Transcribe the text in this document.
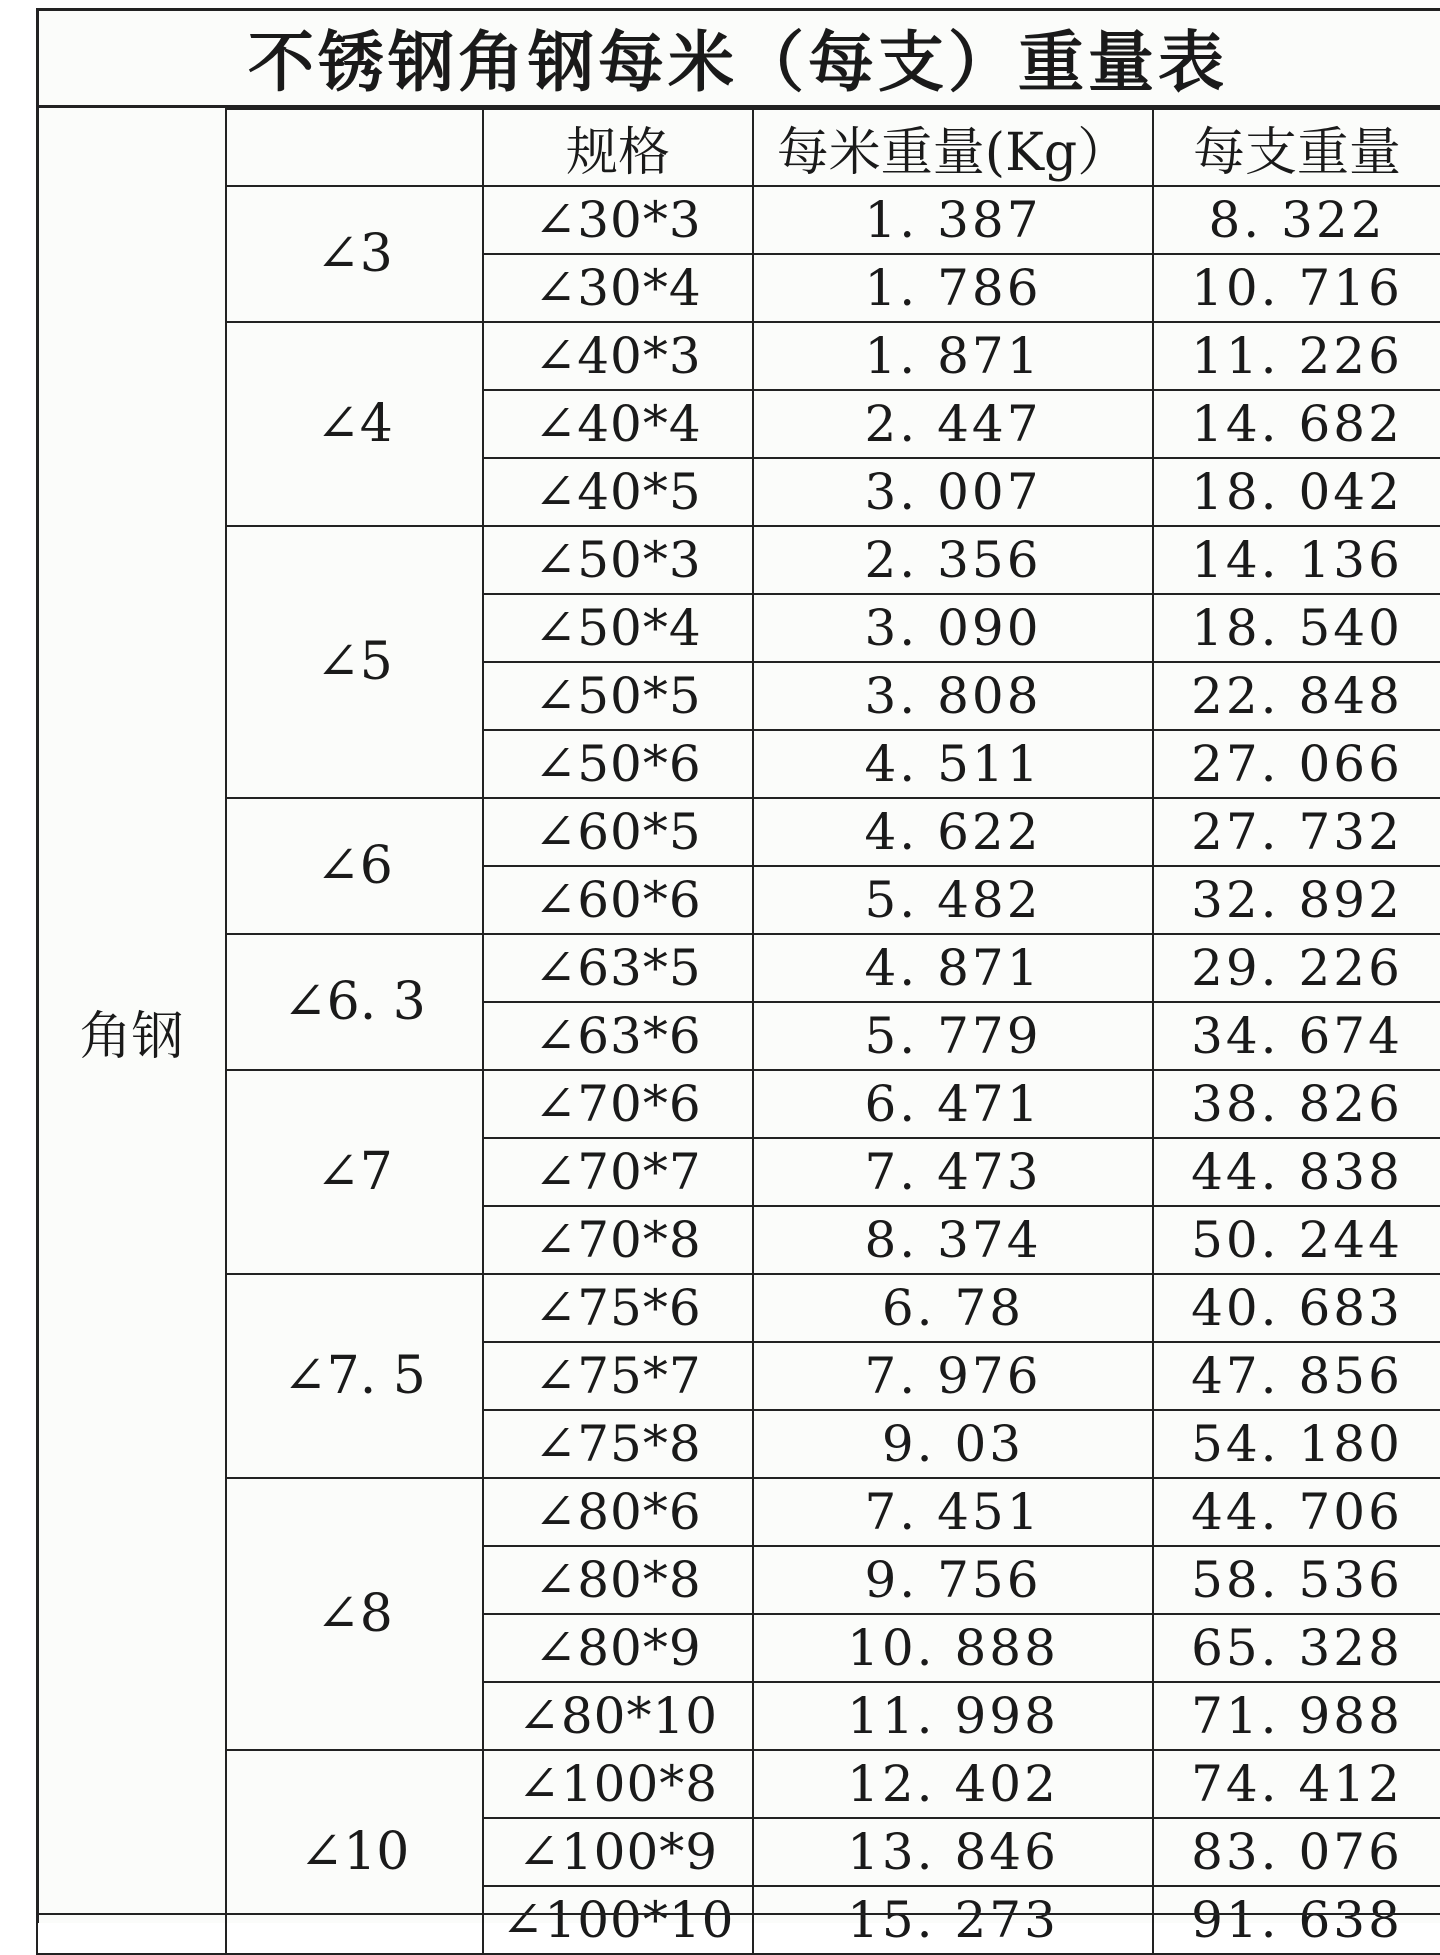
不锈钢角钢每米（每支）重量表
角钢		规格	每米重量(Kg）	每支重量
	∠3	∠30*3	1. 387	8. 322
		∠30*4	1. 786	10. 716
	∠4	∠40*3	1. 871	11. 226
		∠40*4	2. 447	14. 682
		∠40*5	3. 007	18. 042
	∠5	∠50*3	2. 356	14. 136
		∠50*4	3. 090	18. 540
		∠50*5	3. 808	22. 848
		∠50*6	4. 511	27. 066
	∠6	∠60*5	4. 622	27. 732
		∠60*6	5. 482	32. 892
	∠6. 3	∠63*5	4. 871	29. 226
		∠63*6	5. 779	34. 674
	∠7	∠70*6	6. 471	38. 826
		∠70*7	7. 473	44. 838
		∠70*8	8. 374	50. 244
	∠7. 5	∠75*6	6. 78	40. 683
		∠75*7	7. 976	47. 856
		∠75*8	9. 03	54. 180
	∠8	∠80*6	7. 451	44. 706
		∠80*8	9. 756	58. 536
		∠80*9	10. 888	65. 328
		∠80*10	11. 998	71. 988
	∠10	∠100*8	12. 402	74. 412
		∠100*9	13. 846	83. 076
		∠100*10	15. 273	91. 638
